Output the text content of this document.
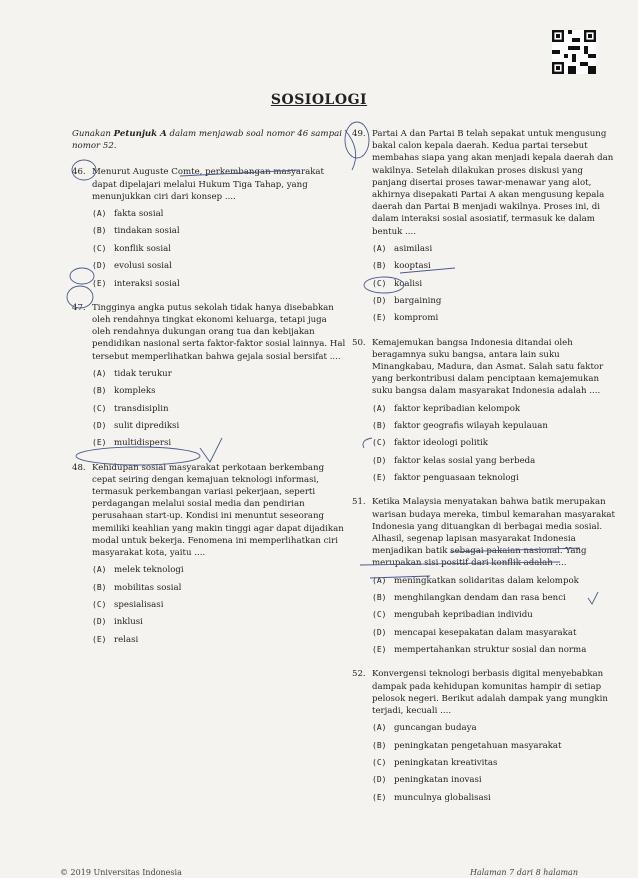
SOSIOLOGI

Gunakan Petunjuk A dalam menjawab soal nomor 46 sampai nomor 52.

46. Menurut Auguste Comte, perkembangan masyarakat dapat dipelajari melalui Hukum Tiga Tahap, yang menunjukkan ciri dari konsep ....

(A) fakta sosial
(B) tindakan sosial
(C) konflik sosial
(D) evolusi sosial
(E) interaksi sosial
47. Tingginya angka putus sekolah tidak hanya disebabkan oleh rendahnya tingkat ekonomi keluarga, tetapi juga oleh rendahnya dukungan orang tua dan kebijakan pendidikan nasional serta faktor-faktor sosial lainnya. Hal tersebut memperlihatkan bahwa gejala sosial bersifat ....

(A) tidak terukur
(B) kompleks
(C) transdisiplin
(D) sulit diprediksi
(E) multidispersi
48. Kehidupan sosial masyarakat perkotaan berkembang cepat seiring dengan kemajuan teknologi informasi, termasuk perkembangan variasi pekerjaan, seperti perdagangan melalui sosial media dan pendirian perusahaan start-up. Kondisi ini menuntut seseorang memiliki keahlian yang makin tinggi agar dapat dijadikan modal untuk bekerja. Fenomena ini memperlihatkan ciri masyarakat kota, yaitu ....

(A) melek teknologi
(B) mobilitas sosial
(C) spesialisasi
(D) inklusi
(E) relasi
49. Partai A dan Partai B telah sepakat untuk mengusung bakal calon kepala daerah. Kedua partai tersebut membahas siapa yang akan menjadi kepala daerah dan wakilnya. Setelah dilakukan proses diskusi yang panjang disertai proses tawar-menawar yang alot, akhirnya disepakati Partai A akan mengusung kepala daerah dan Partai B menjadi wakilnya. Proses ini, di dalam interaksi sosial asosiatif, termasuk ke dalam bentuk ....

(A) asimilasi
(B) kooptasi
(C) koalisi
(D) bargaining
(E) kompromi
50. Kemajemukan bangsa Indonesia ditandai oleh beragamnya suku bangsa, antara lain suku Minangkabau, Madura, dan Asmat. Salah satu faktor yang berkontribusi dalam penciptaan kemajemukan suku bangsa dalam masyarakat Indonesia adalah ....

(A) faktor kepribadian kelompok
(B) faktor geografis wilayah kepulauan
(C) faktor ideologi politik
(D) faktor kelas sosial yang berbeda
(E) faktor penguasaan teknologi
51. Ketika Malaysia menyatakan bahwa batik merupakan warisan budaya mereka, timbul kemarahan masyarakat Indonesia yang dituangkan di berbagai media sosial. Alhasil, segenap lapisan masyarakat Indonesia menjadikan batik sebagai pakaian nasional. Yang merupakan sisi positif dari konflik adalah ....

(A) meningkatkan solidaritas dalam kelompok
(B) menghilangkan dendam dan rasa benci
(C) mengubah kepribadian individu
(D) mencapai kesepakatan dalam masyarakat
(E) mempertahankan struktur sosial dan norma
52. Konvergensi teknologi berbasis digital menyebabkan dampak pada kehidupan komunitas hampir di setiap pelosok negeri. Berikut adalah dampak yang mungkin terjadi, kecuali ....

(A) guncangan budaya
(B) peningkatan pengetahuan masyarakat
(C) peningkatan kreativitas
(D) peningkatan inovasi
(E) munculnya globalisasi
© 2019 Universitas Indonesia	Halaman 7 dari 8 halaman
